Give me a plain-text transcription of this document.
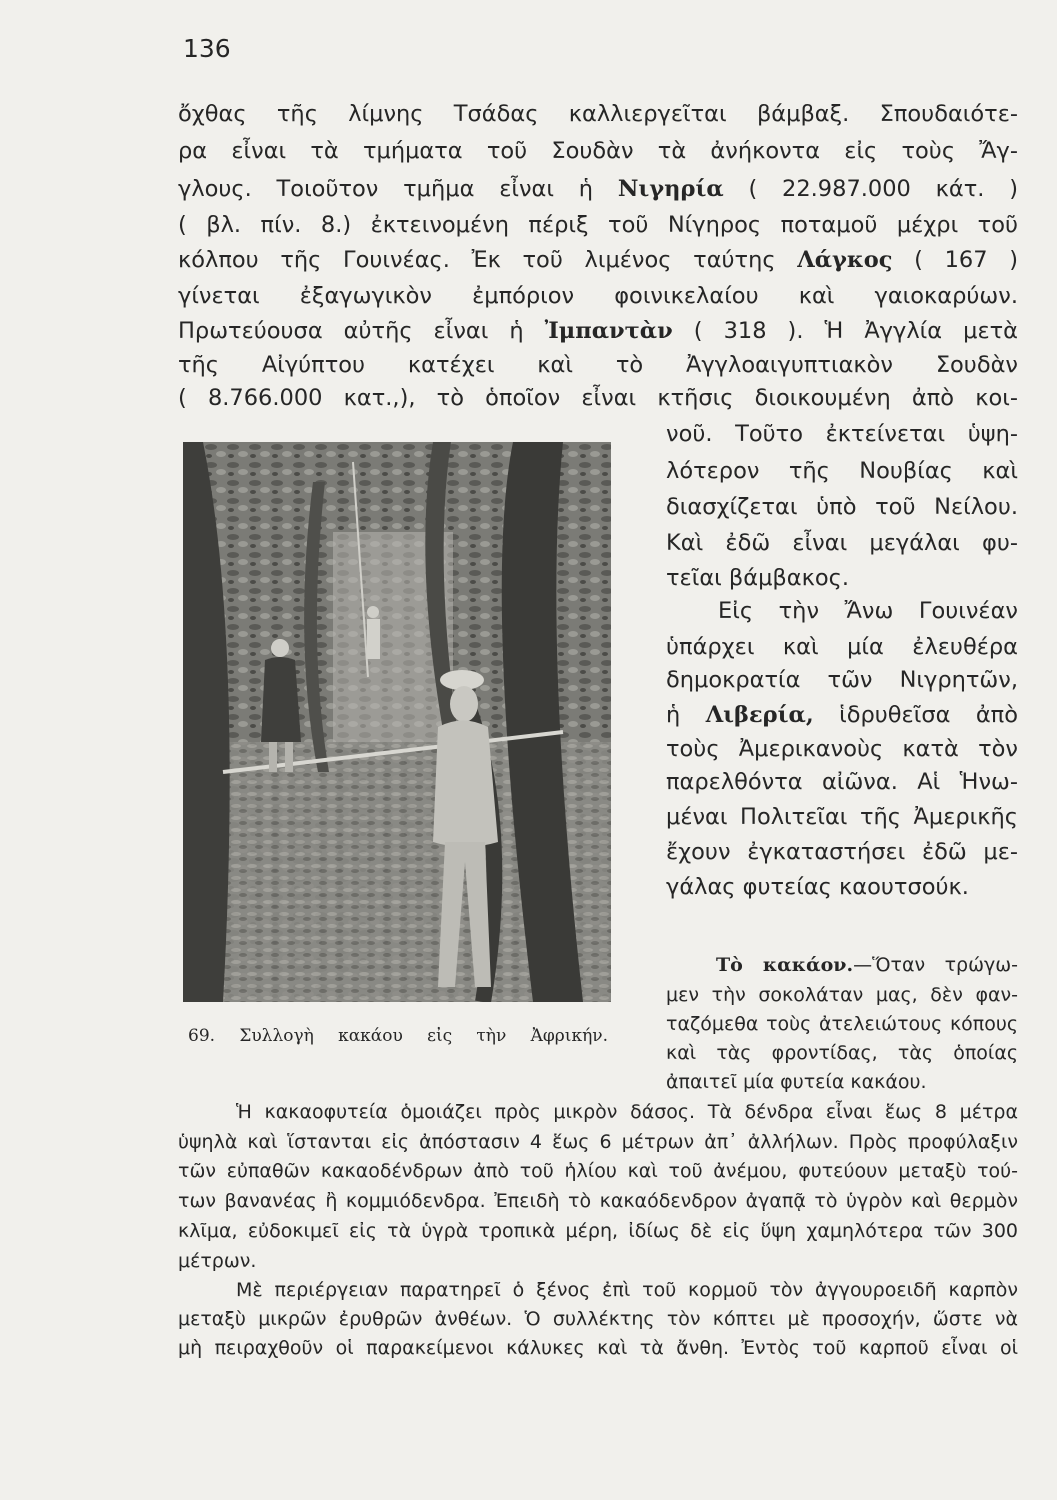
136
ὄχθας τῆς λίμνης Τσάδας καλλιεργεῖται βάμβαξ. Σπουδαιότε-
ρα εἶναι τὰ τμήματα τοῦ Σουδὰν τὰ ἀνήκοντα εἰς τοὺς Ἄγ-
γλους. Τοιοῦτον τμῆμα εἶναι ἡ Νιγηρία ( 22.987.000 κάτ. )
( βλ. πίν. 8.) ἐκτεινομένη πέριξ τοῦ Νίγηρος ποταμοῦ μέχρι τοῦ
κόλπου τῆς Γουινέας. Ἐκ τοῦ λιμένος ταύτης Λάγκος ( 167 )
γίνεται ἐξαγωγικὸν ἐμπόριον φοινικελαίου καὶ γαιοκαρύων.
Πρωτεύουσα αὐτῆς εἶναι ἡ Ἰμπαντὰν ( 318 ). Ἡ Ἀγγλία μετὰ
τῆς Αἰγύπτου κατέχει καὶ τὸ Ἀγγλοαιγυπτιακὸν Σουδὰν
( 8.766.000 κατ.,), τὸ ὁποῖον εἶναι κτῆσις διοικουμένη ἀπὸ κοι-
69. Συλλογὴ κακάου εἰς τὴν Ἀφρικήν.
νοῦ. Τοῦτο ἐκτείνεται ὑψη-
λότερον τῆς Νουβίας καὶ
διασχίζεται ὑπὸ τοῦ Νείλου.
Καὶ ἐδῶ εἶναι μεγάλαι φυ-
τεῖαι βάμβακος.
Εἰς τὴν Ἄνω Γουινέαν
ὑπάρχει καὶ μία ἐλευθέρα
δημοκρατία τῶν Νιγρητῶν,
ἡ Λιβερία, ἱδρυθεῖσα ἀπὸ
τοὺς Ἀμερικανοὺς κατὰ τὸν
παρελθόντα αἰῶνα. Αἱ Ἡνω-
μέναι Πολιτεῖαι τῆς Ἀμερικῆς
ἔχουν ἐγκαταστήσει ἐδῶ με-
γάλας φυτείας καουτσούκ.
Τὸ κακάον.—Ὅταν τρώγω-
μεν τὴν σοκολάταν μας, δὲν φαν-
ταζόμεθα τοὺς ἀτελειώτους κόπους
καὶ τὰς φροντίδας, τὰς ὁποίας
ἀπαιτεῖ μία φυτεία κακάου.
Ἡ κακαοφυτεία ὁμοιάζει πρὸς μικρὸν δάσος. Τὰ δένδρα εἶναι ἕως 8 μέτρα
ὑψηλὰ καὶ ἵστανται εἰς ἀπόστασιν 4 ἕως 6 μέτρων ἀπ᾽ ἀλλήλων. Πρὸς προφύλαξιν
τῶν εὐπαθῶν κακαοδένδρων ἀπὸ τοῦ ἡλίου καὶ τοῦ ἀνέμου, φυτεύουν μεταξὺ τού-
των βανανέας ἢ κομμιόδενδρα. Ἐπειδὴ τὸ κακαόδενδρον ἀγαπᾷ τὸ ὑγρὸν καὶ θερμὸν
κλῖμα, εὐδοκιμεῖ εἰς τὰ ὑγρὰ τροπικὰ μέρη, ἰδίως δὲ εἰς ὕψη χαμηλότερα τῶν 300
μέτρων.
Μὲ περιέργειαν παρατηρεῖ ὁ ξένος ἐπὶ τοῦ κορμοῦ τὸν ἀγγουροειδῆ καρπὸν
μεταξὺ μικρῶν ἐρυθρῶν ἀνθέων. Ὁ συλλέκτης τὸν κόπτει μὲ προσοχήν, ὥστε νὰ
μὴ πειραχθοῦν οἱ παρακείμενοι κάλυκες καὶ τὰ ἄνθη. Ἐντὸς τοῦ καρποῦ εἶναι οἱ
